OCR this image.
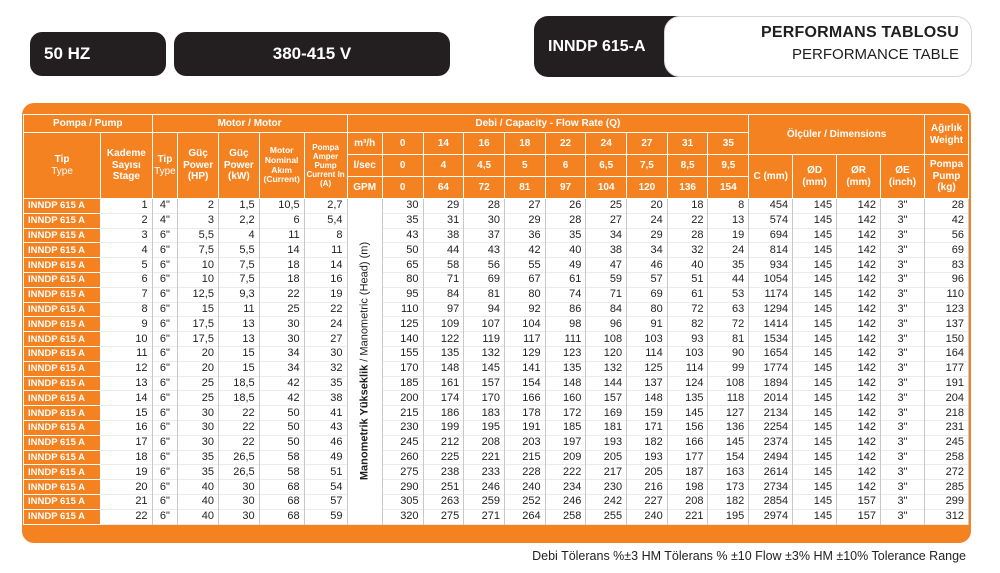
50 HZ	380-415 V	INNDP 615-A
PERFORMANS TABLOSU
PERFORMANCE TABLE
Pompa / Pump		Motor / Motor					Debi / Capacity - Flow Rate (Q)										Ölçüler / Dimensions				Ağırlık Weight
Tip
Type	Kademe Sayısı Stage	Tip
Type	Güç Power (HP)	Güç Power (kW)	Motor Nominal Akım (Current)	Pompa Amper Pump Current In (A)	m³/h	0	14	16	18	22	24	27	31	35					
							l/sec	0	4	4,5	5	6	6,5	7,5	8,5	9,5	C (mm)	ØD (mm)	ØR (mm)	ØE (inch)	Pompa Pump (kg)
							GPM	0	64	72	81	97	104	120	136	154					
INNDP 615 A	1	4"	2	1,5	10,5	2,7	Manometrik Yükseklik / Manometric (Head) (m)	30	29	28	27	26	25	20	18	8	454	145	142	3"	28
INNDP 615 A	2	4"	3	2,2	6	5,4		35	31	30	29	28	27	24	22	13	574	145	142	3"	42
INNDP 615 A	3	6"	5,5	4	11	8		43	38	37	36	35	34	29	28	19	694	145	142	3"	56
INNDP 615 A	4	6"	7,5	5,5	14	11		50	44	43	42	40	38	34	32	24	814	145	142	3"	69
INNDP 615 A	5	6"	10	7,5	18	14		65	58	56	55	49	47	46	40	35	934	145	142	3"	83
INNDP 615 A	6	6"	10	7,5	18	16		80	71	69	67	61	59	57	51	44	1054	145	142	3"	96
INNDP 615 A	7	6"	12,5	9,3	22	19		95	84	81	80	74	71	69	61	53	1174	145	142	3"	110
INNDP 615 A	8	6"	15	11	25	22		110	97	94	92	86	84	80	72	63	1294	145	142	3"	123
INNDP 615 A	9	6"	17,5	13	30	24		125	109	107	104	98	96	91	82	72	1414	145	142	3"	137
INNDP 615 A	10	6"	17,5	13	30	27		140	122	119	117	111	108	103	93	81	1534	145	142	3"	150
INNDP 615 A	11	6"	20	15	34	30		155	135	132	129	123	120	114	103	90	1654	145	142	3"	164
INNDP 615 A	12	6"	20	15	34	32		170	148	145	141	135	132	125	114	99	1774	145	142	3"	177
INNDP 615 A	13	6"	25	18,5	42	35		185	161	157	154	148	144	137	124	108	1894	145	142	3"	191
INNDP 615 A	14	6"	25	18,5	42	38		200	174	170	166	160	157	148	135	118	2014	145	142	3"	204
INNDP 615 A	15	6"	30	22	50	41		215	186	183	178	172	169	159	145	127	2134	145	142	3"	218
INNDP 615 A	16	6"	30	22	50	43		230	199	195	191	185	181	171	156	136	2254	145	142	3"	231
INNDP 615 A	17	6"	30	22	50	46		245	212	208	203	197	193	182	166	145	2374	145	142	3"	245
INNDP 615 A	18	6"	35	26,5	58	49		260	225	221	215	209	205	193	177	154	2494	145	142	3"	258
INNDP 615 A	19	6"	35	26,5	58	51		275	238	233	228	222	217	205	187	163	2614	145	142	3"	272
INNDP 615 A	20	6"	40	30	68	54		290	251	246	240	234	230	216	198	173	2734	145	142	3"	285
INNDP 615 A	21	6"	40	30	68	57		305	263	259	252	246	242	227	208	182	2854	145	157	3"	299
INNDP 615 A	22	6"	40	30	68	59		320	275	271	264	258	255	240	221	195	2974	145	157	3"	312
Debi Tölerans %±3 HM Tölerans % ±10 Flow ±3% HM ±10% Tolerance Range
